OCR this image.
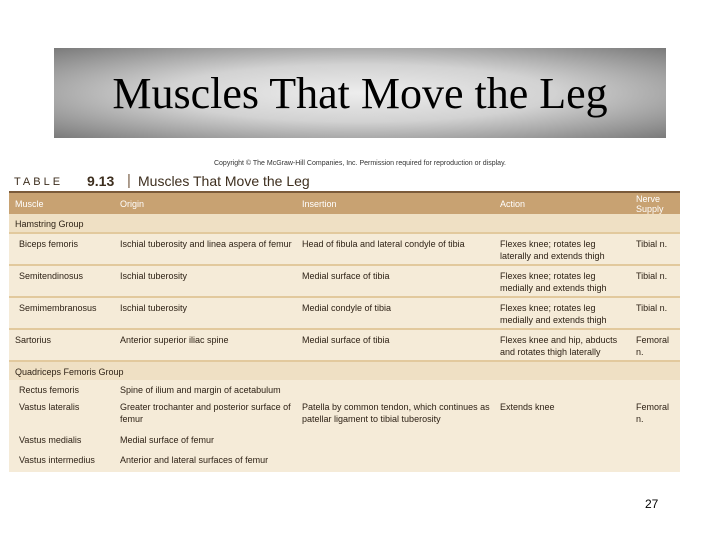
Muscles That Move the Leg
Copyright © The McGraw-Hill Companies, Inc. Permission required for reproduction or display.
TABLE 9.13 | Muscles That Move the Leg
Muscle	Origin	Insertion	Action	Nerve Supply
Hamstring Group				
Biceps femoris	Ischial tuberosity and linea aspera of femur	Head of fibula and lateral condyle of tibia	Flexes knee; rotates leg laterally and extends thigh	Tibial n.
Semitendinosus	Ischial tuberosity	Medial surface of tibia	Flexes knee; rotates leg medially and extends thigh	Tibial n.
Semimembranosus	Ischial tuberosity	Medial condyle of tibia	Flexes knee; rotates leg medially and extends thigh	Tibial n.
Sartorius	Anterior superior iliac spine	Medial surface of tibia	Flexes knee and hip, abducts and rotates thigh laterally	Femoral n.
Quadriceps Femoris Group				
Rectus femoris	Spine of ilium and margin of acetabulum			
Vastus lateralis	Greater trochanter and posterior surface of femur	Patella by common tendon, which continues as patellar ligament to tibial tuberosity	Extends knee	Femoral n.
Vastus medialis	Medial surface of femur			
Vastus intermedius	Anterior and lateral surfaces of femur			
27
